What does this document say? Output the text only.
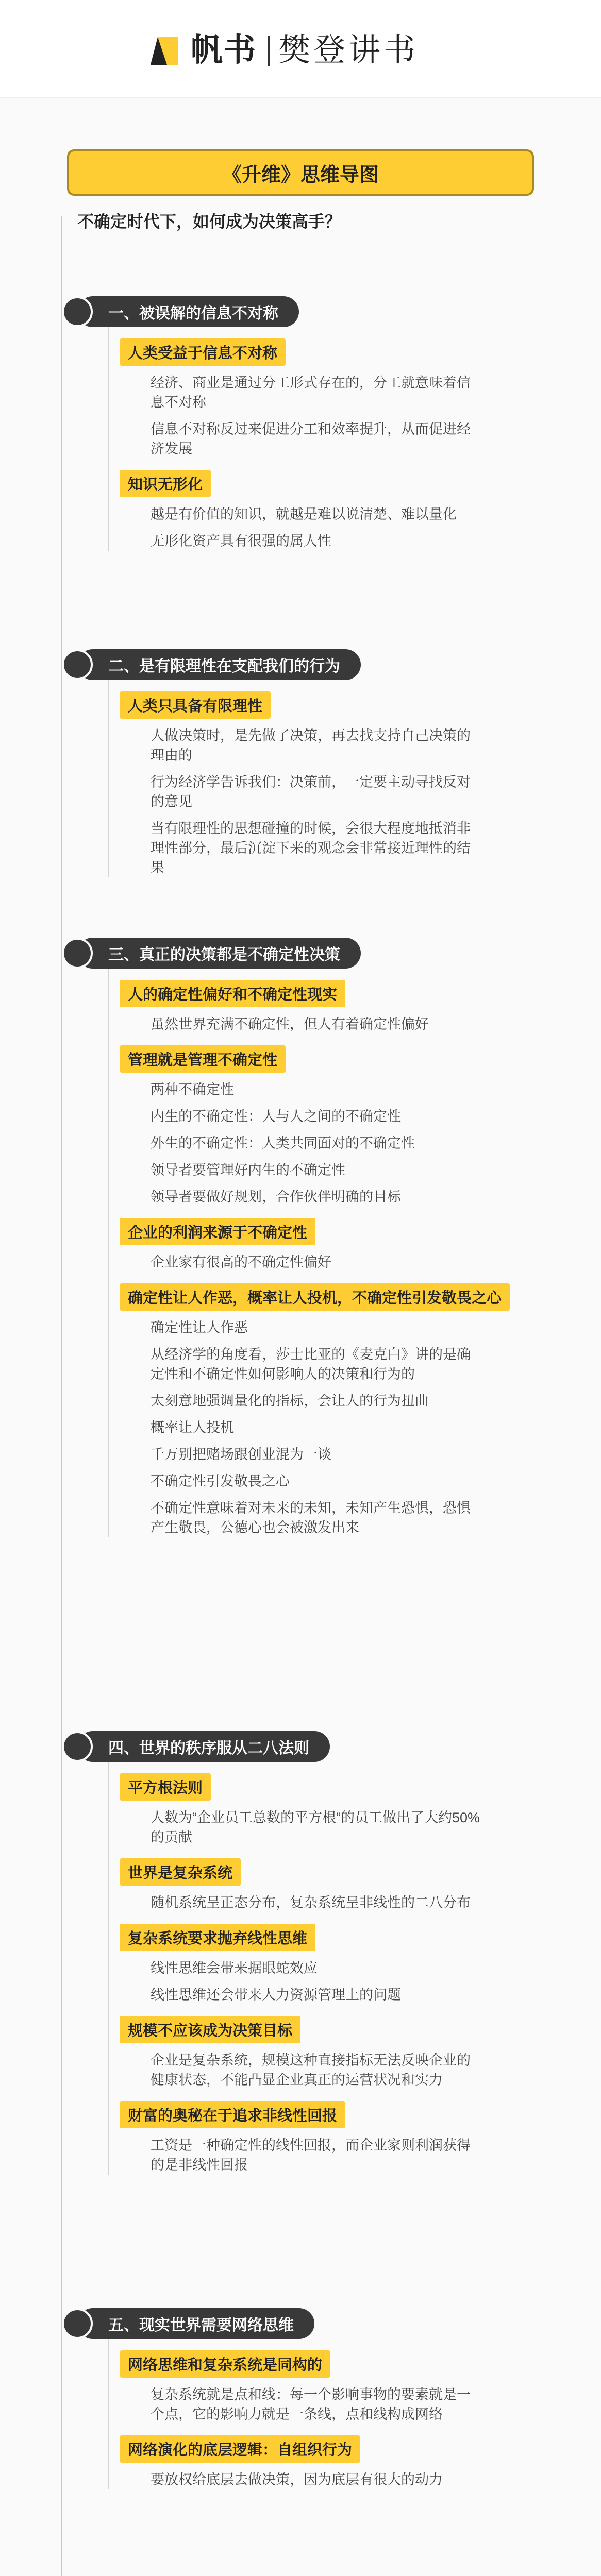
帆书 樊登讲书
《升维》思维导图
不确定时代下，如何成为决策高手？
一、被误解的信息不对称
人类受益于信息不对称
经济、商业是通过分工形式存在的，分工就意味着信息不对称
信息不对称反过来促进分工和效率提升，从而促进经济发展
知识无形化
越是有价值的知识，就越是难以说清楚、难以量化
无形化资产具有很强的属人性
二、是有限理性在支配我们的行为
人类只具备有限理性
人做决策时，是先做了决策，再去找支持自己决策的理由的
行为经济学告诉我们：决策前，一定要主动寻找反对的意见
当有限理性的思想碰撞的时候，会很大程度地抵消非理性部分，最后沉淀下来的观念会非常接近理性的结果
三、真正的决策都是不确定性决策
人的确定性偏好和不确定性现实
虽然世界充满不确定性，但人有着确定性偏好
管理就是管理不确定性
两种不确定性
内生的不确定性：人与人之间的不确定性
外生的不确定性：人类共同面对的不确定性
领导者要管理好内生的不确定性
领导者要做好规划，合作伙伴明确的目标
企业的利润来源于不确定性
企业家有很高的不确定性偏好
确定性让人作恶，概率让人投机，不确定性引发敬畏之心
确定性让人作恶
从经济学的角度看，莎士比亚的《麦克白》讲的是确定性和不确定性如何影响人的决策和行为的
太刻意地强调量化的指标，会让人的行为扭曲
概率让人投机
千万别把赌场跟创业混为一谈
不确定性引发敬畏之心
不确定性意味着对未来的未知，未知产生恐惧，恐惧产生敬畏，公德心也会被激发出来
四、世界的秩序服从二八法则
平方根法则
人数为“企业员工总数的平方根”的员工做出了大约50%的贡献
世界是复杂系统
随机系统呈正态分布，复杂系统呈非线性的二八分布
复杂系统要求抛弃线性思维
线性思维会带来据眼蛇效应
线性思维还会带来人力资源管理上的问题
规模不应该成为决策目标
企业是复杂系统，规模这种直接指标无法反映企业的健康状态，不能凸显企业真正的运营状况和实力
财富的奥秘在于追求非线性回报
工资是一种确定性的线性回报，而企业家则利润获得的是非线性回报
五、现实世界需要网络思维
网络思维和复杂系统是同构的
复杂系统就是点和线：每一个影响事物的要素就是一个点，它的影响力就是一条线，点和线构成网络
网络演化的底层逻辑：自组织行为
要放权给底层去做决策，因为底层有很大的动力
